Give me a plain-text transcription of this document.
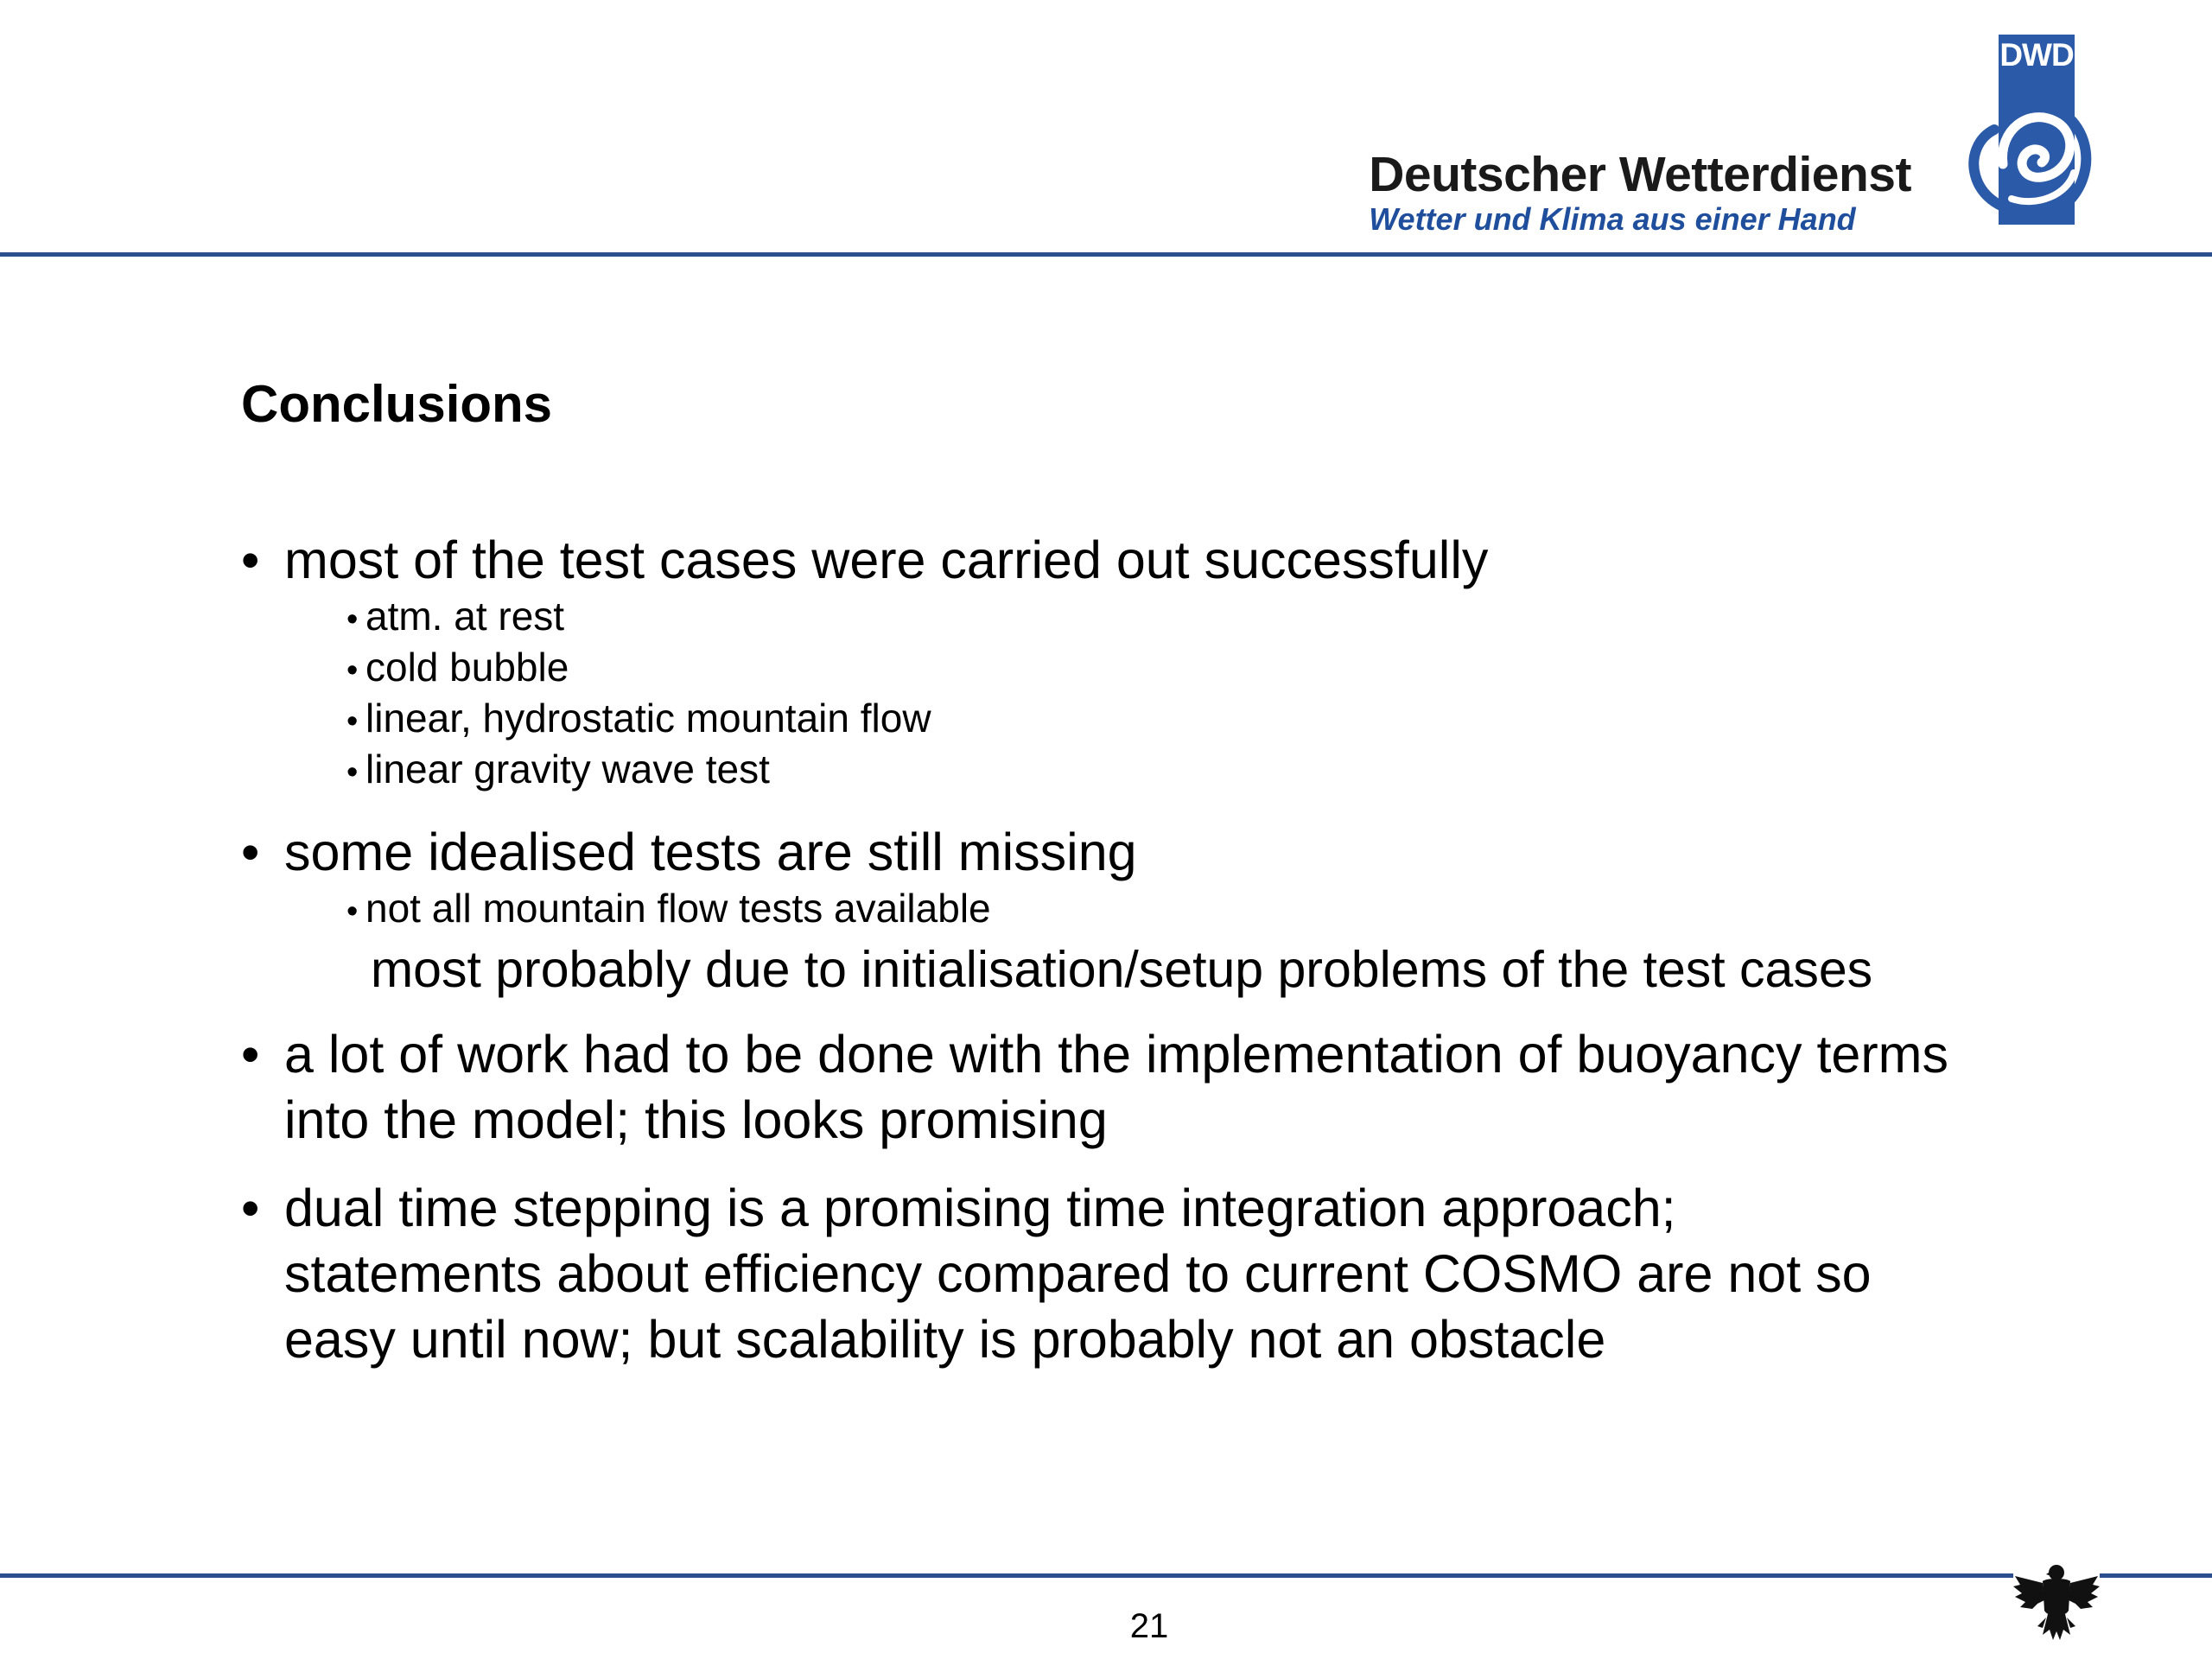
Deutscher Wetterdienst
Wetter und Klima aus einer Hand
DWD
Conclusions
• most of the test cases were carried out successfully
• atm. at rest
• cold bubble
• linear, hydrostatic mountain flow
• linear gravity wave test
• some idealised tests are still missing
• not all mountain flow tests available
most probably due to initialisation/setup problems of the test cases
• a lot of work had to be done with the implementation of buoyancy terms
into the model; this looks promising
• dual time stepping is a promising time integration approach;
statements about efficiency compared to current COSMO are not so
easy until now; but scalability is probably not an obstacle
21
